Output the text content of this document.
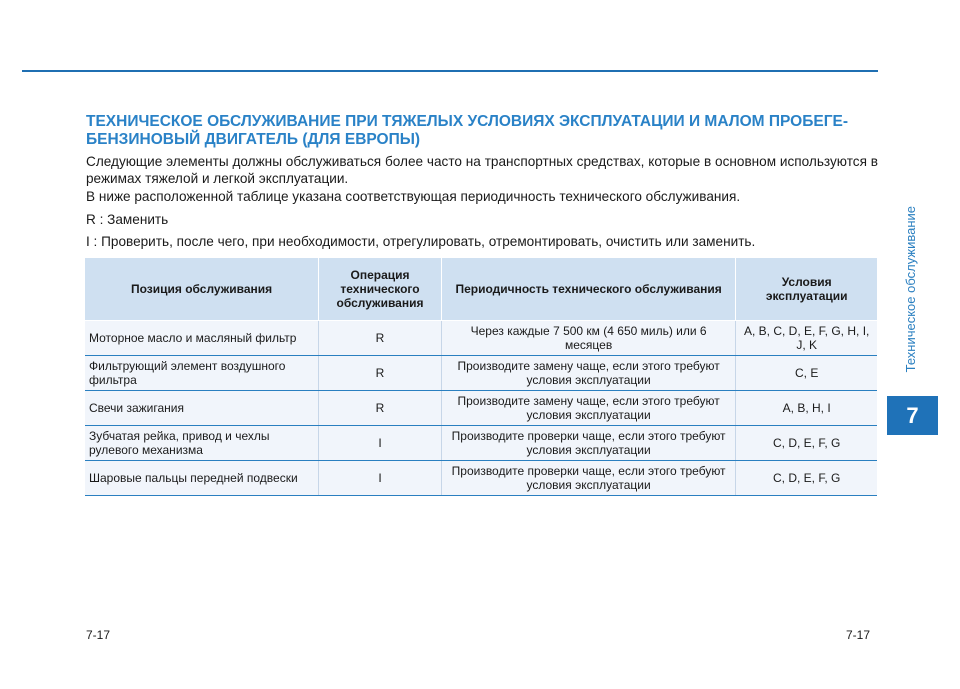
Техническое обслуживание
7
ТЕХНИЧЕСКОЕ ОБСЛУЖИВАНИЕ ПРИ ТЯЖЕЛЫХ УСЛОВИЯХ ЭКСПЛУАТАЦИИ И МАЛОМ ПРОБЕГЕ- БЕНЗИНОВЫЙ ДВИГАТЕЛЬ (ДЛЯ ЕВРОПЫ)

Следующие элементы должны обслуживаться более часто на транспортных средствах, которые в основном используются в режимах тяжелой и легкой эксплуатации.

В ниже расположенной таблице указана соответствующая периодичность технического обслуживания.

R : Заменить

I : Проверить, после чего, при необходимости, отрегулировать, отремонтировать, очистить или заменить.

Позиция обслуживания	Операция технического обслуживания	Периодичность технического обслуживания	Условия эксплуатации
Моторное масло и масляный фильтр	R	Через каждые 7 500 км (4 650 миль) или 6 месяцев	A, B, C, D, E, F, G, H, I, J, K
Фильтрующий элемент воздушного фильтра	R	Производите замену чаще, если этого требуют условия эксплуатации	C, E
Свечи зажигания	R	Производите замену чаще, если этого требуют условия эксплуатации	A, B, H, I
Зубчатая рейка, привод и чехлы рулевого механизма	I	Производите проверки чаще, если этого требуют условия эксплуатации	C, D, E, F, G
Шаровые пальцы передней подвески	I	Производите проверки чаще, если этого требуют условия эксплуатации	C, D, E, F, G
7-17	7-17
